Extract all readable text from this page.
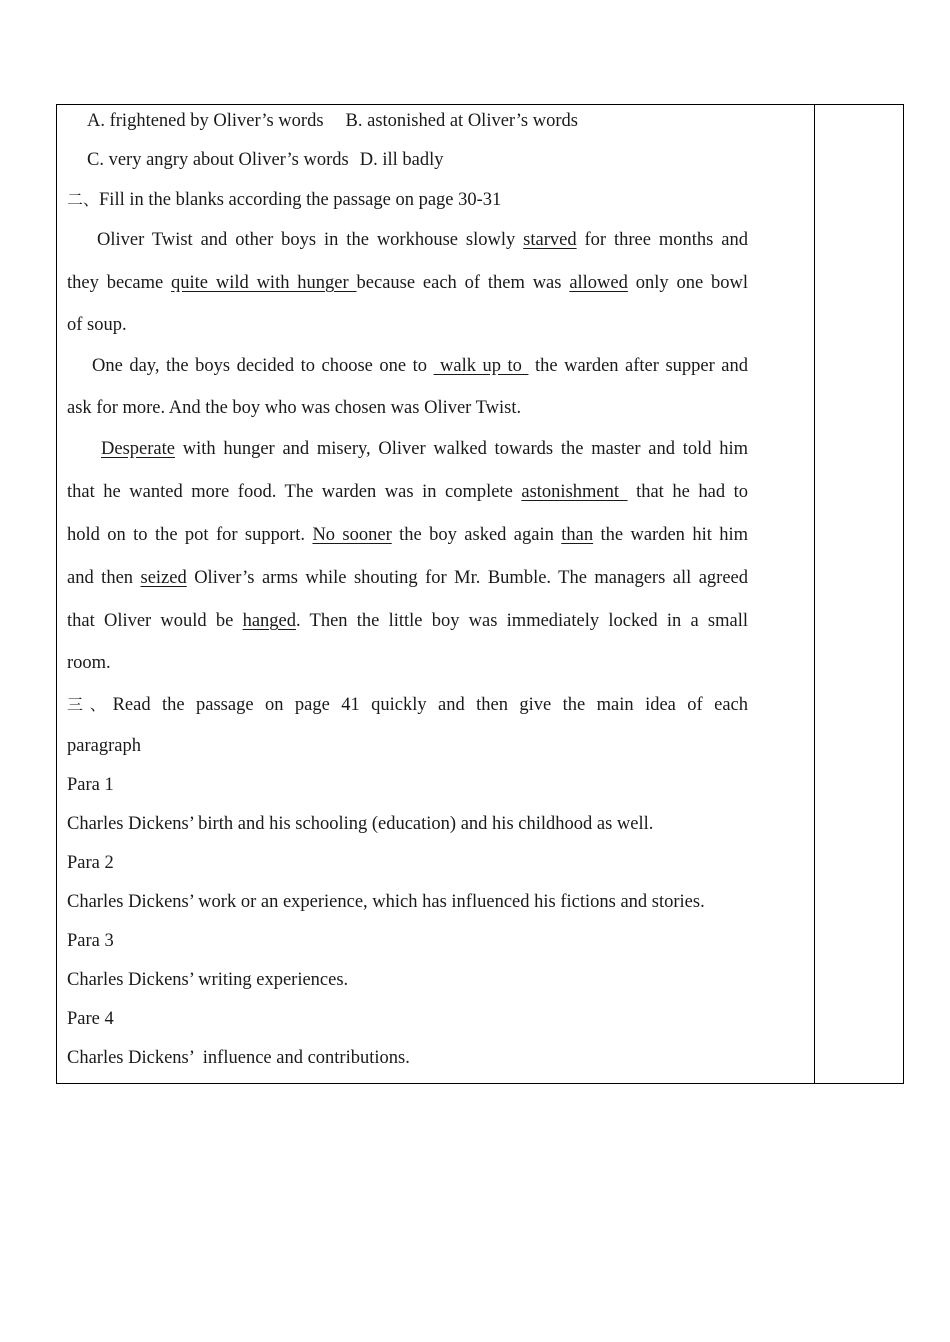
A. frightened by Oliver’s words B. astonished at Oliver’s words
C. very angry about Oliver’s words D. ill badly
二、Fill in the blanks according the passage on page 30-31
Oliver Twist and other boys in the workhouse slowly starved for three months and
they became quite wild with hunger because each of them was allowed only one bowl
of soup.
One day, the boys decided to choose one to  walk up to  the warden after supper and
ask for more. And the boy who was chosen was Oliver Twist.
Desperate with hunger and misery, Oliver walked towards the master and told him
that he wanted more food. The warden was in complete astonishment  that he had to
hold on to the pot for support. No sooner the boy asked again than the warden hit him
and then seized Oliver’s arms while shouting for Mr. Bumble. The managers all agreed
that Oliver would be hanged. Then the little boy was immediately locked in a small
room.
三、Read the passage on page 41 quickly and then give the main idea of each
paragraph
Para 1
Charles Dickens’ birth and his schooling (education) and his childhood as well.
Para 2
Charles Dickens’ work or an experience, which has influenced his fictions and stories.
Para 3
Charles Dickens’ writing experiences.
Pare 4
Charles Dickens’  influence and contributions.
